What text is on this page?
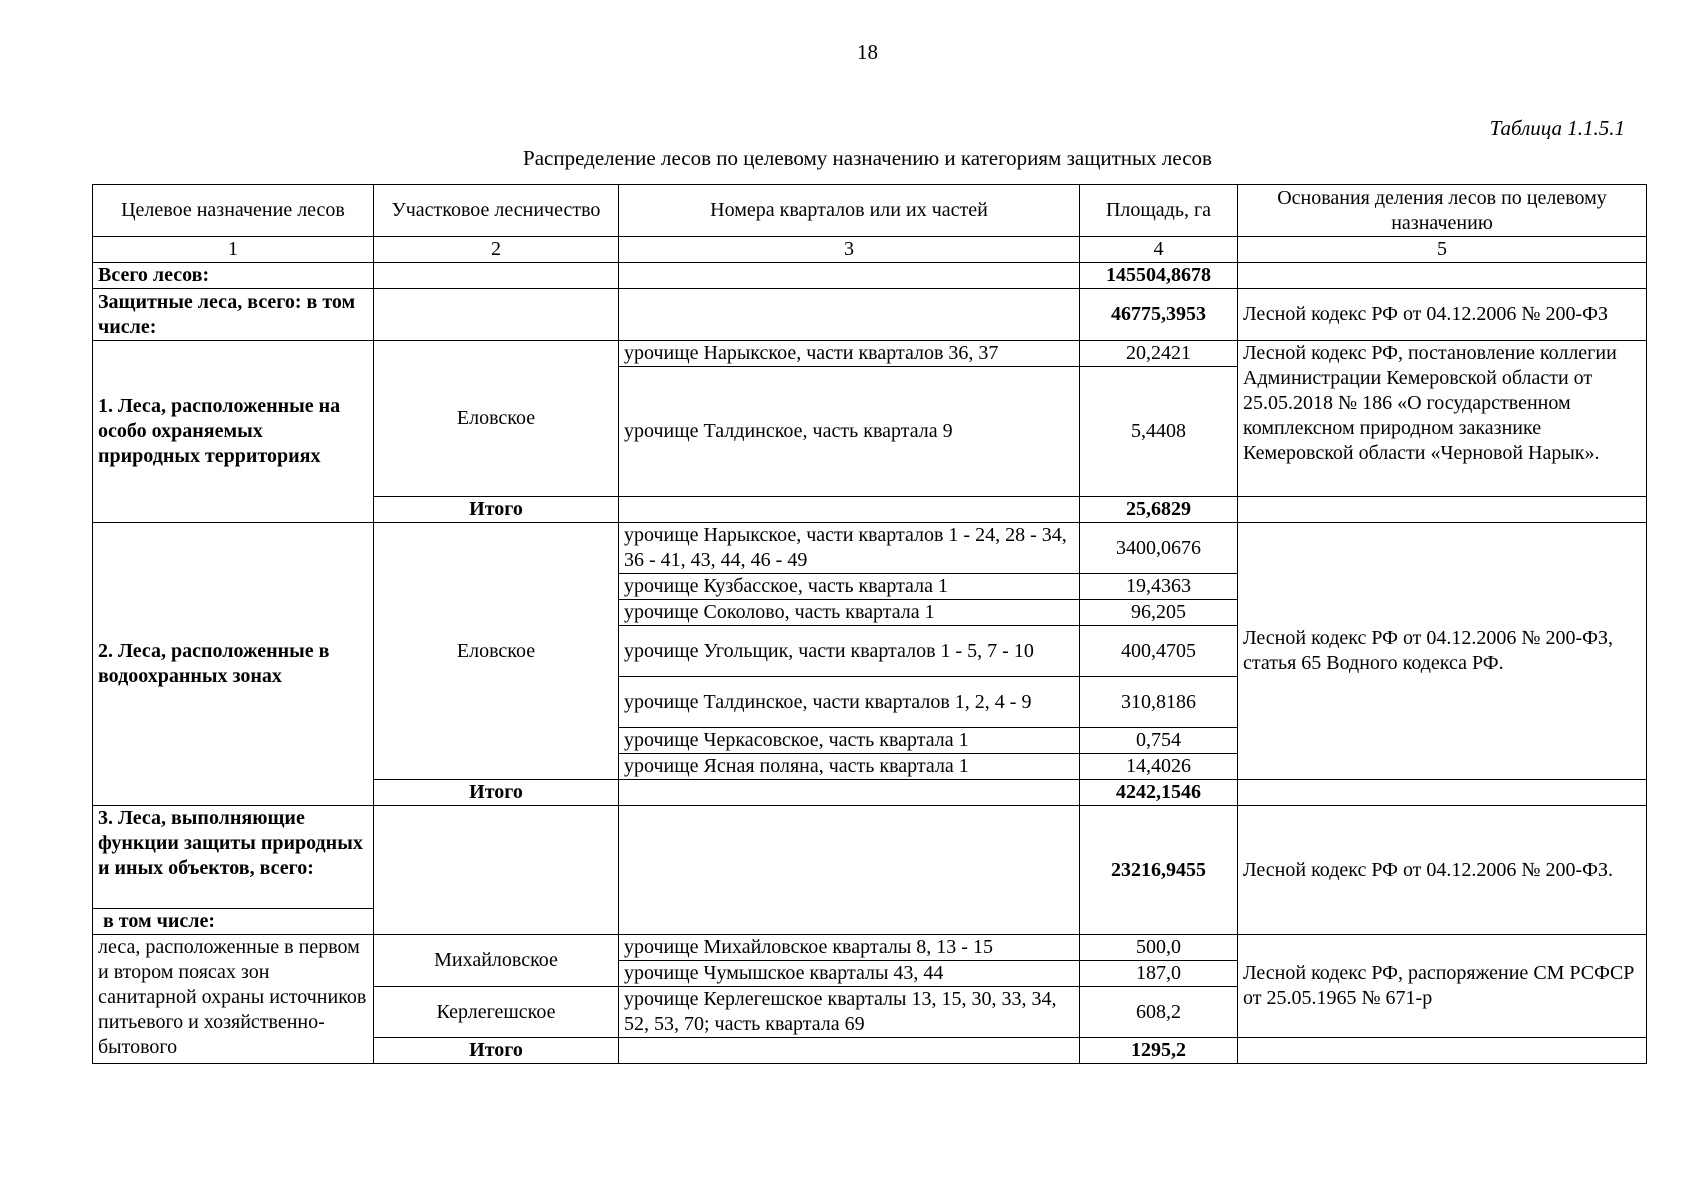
18
Таблица 1.1.5.1
Распределение лесов по целевому назначению и категориям защитных лесов
Целевое назначение лесов	Участковое лесничество	Номера кварталов или их частей	Площадь, га	Основания деления лесов по целевому назначению
1	2	3	4	5
Всего лесов:			145504,8678	
Защитные леса, всего: в том числе:			46775,3953	Лесной кодекс РФ от 04.12.2006 № 200-ФЗ
1. Леса, расположенные на особо охраняемых природных территориях	Еловское	урочище Нарыкское, части кварталов 36, 37	20,2421	Лесной кодекс РФ, постановление коллегии Администрации Кемеровской области от 25.05.2018 № 186 «О государственном комплексном природном заказнике Кемеровской области «Черновой Нарык».
		урочище Талдинское, часть квартала 9	5,4408	
	Итого		25,6829	
2. Леса, расположенные в водоохранных зонах	Еловское	урочище Нарыкское, части кварталов 1 - 24, 28 - 34, 36 - 41, 43, 44, 46 - 49	3400,0676	Лесной кодекс РФ от 04.12.2006 № 200-ФЗ, статья 65 Водного кодекса РФ.
		урочище Кузбасское, часть квартала 1	19,4363	
		урочище Соколово, часть квартала 1	96,205	
		урочище Угольщик, части кварталов 1 - 5, 7 - 10	400,4705	
		урочище Талдинское, части кварталов 1, 2, 4 - 9	310,8186	
		урочище Черкасовское, часть квартала 1	0,754	
		урочище Ясная поляна, часть квартала 1	14,4026	
	Итого		4242,1546	
3. Леса, выполняющие функции защиты природных и иных объектов, всего:			23216,9455	Лесной кодекс РФ от 04.12.2006 № 200-ФЗ.
в том числе:				
леса, расположенные в первом и втором поясах зон санитарной охраны источников питьевого и хозяйственно-бытового	Михайловское	урочище Михайловское кварталы 8, 13 - 15	500,0	Лесной кодекс РФ, распоряжение СМ РСФСР от 25.05.1965 № 671-р
		урочище Чумышское кварталы 43, 44	187,0	
	Керлегешское	урочище Керлегешское кварталы 13, 15, 30, 33, 34, 52, 53, 70; часть квартала 69	608,2	
	Итого		1295,2	
